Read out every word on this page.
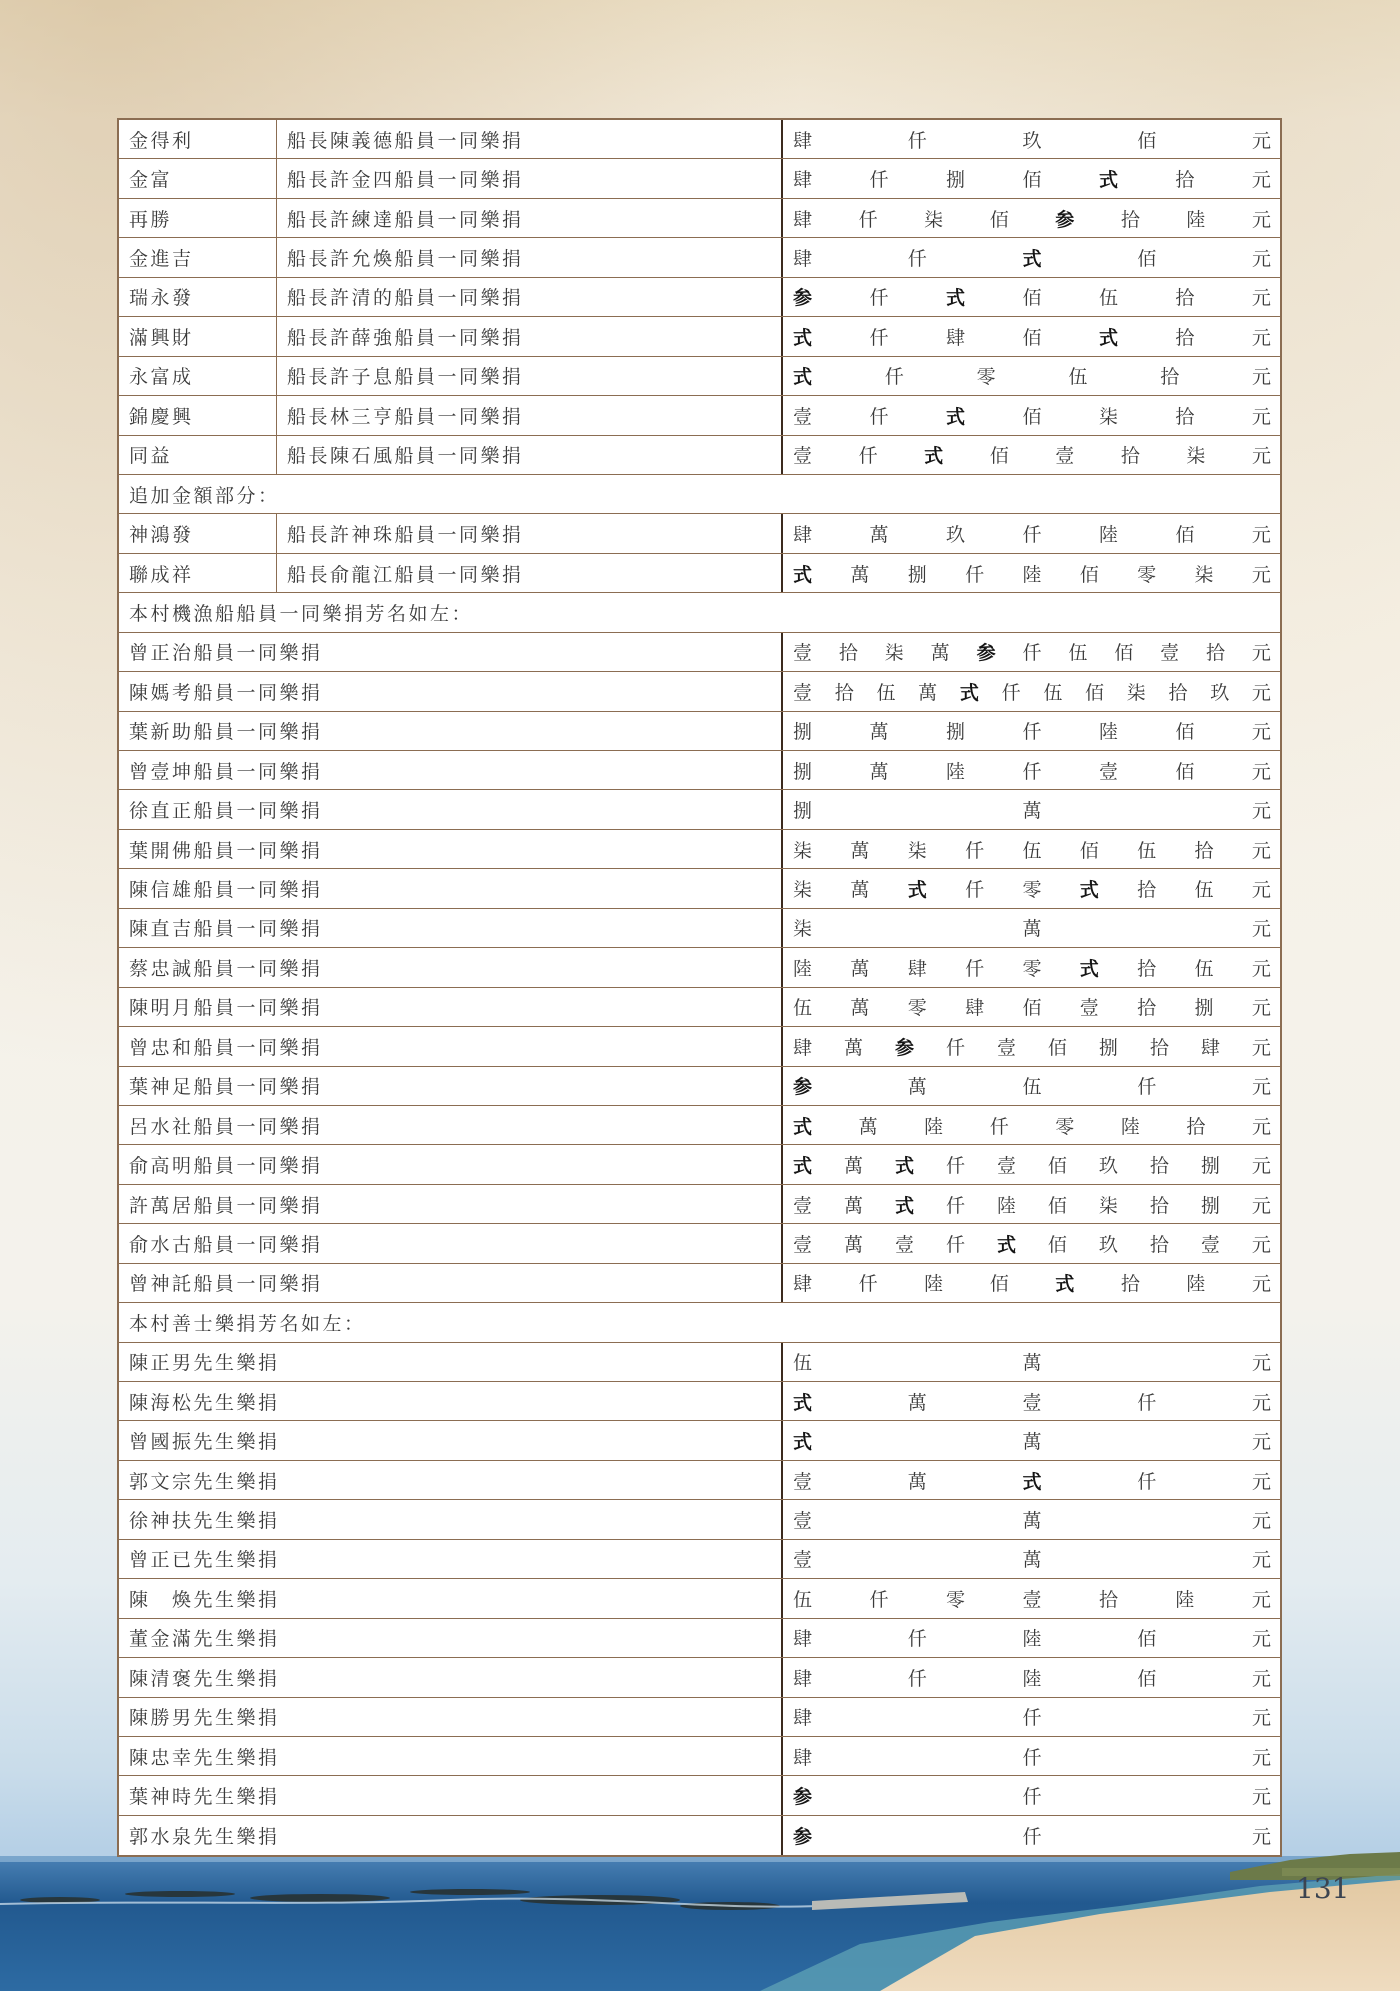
金得利	船長陳義德船員一同樂捐	肆	仟	玖	佰	元
金富	船長許金四船員一同樂捐	肆	仟	捌	佰	式	拾	元
再勝	船長許練達船員一同樂捐	肆 仟 柒 佰 参 拾 陸 元
金進吉	船長許允煥船員一同樂捐	肆	仟	式	佰	元
瑞永發	船長許清的船員一同樂捐	参	仟	式	佰	伍	拾	元
滿興財	船長許薛強船員一同樂捐	式	仟	肆	佰	式	拾	元
永富成	船長許子息船員一同樂捐	式	仟	零	伍	拾	元
錦慶興	船長林三亨船員一同樂捐	壹	仟	式	佰	柒	拾	元
同益	船長陳石風船員一同樂捐	壹 仟 式 佰 壹 拾 柒 元
追加金額部分：
神鴻發	船長許神珠船員一同樂捐	肆	萬	玖	仟	陸	佰	元
聯成祥	船長俞龍江船員一同樂捐	式 萬 捌 仟 陸 佰 零 柒 元
本村機漁船船員一同樂捐芳名如左：
曾正治船員一同樂捐	壹 拾 柒 萬 参 仟 伍 佰 壹 拾 元
陳媽考船員一同樂捐	壹 拾 伍 萬 式 仟 伍 佰 柒 拾 玖 元
葉新助船員一同樂捐	捌	萬	捌	仟	陸	佰	元
曾壹坤船員一同樂捐	捌	萬	陸	仟	壹	佰	元
徐直正船員一同樂捐	捌	萬	元
葉開佛船員一同樂捐	柒 萬 柒 仟 伍 佰 伍 拾 元
陳信雄船員一同樂捐	柒 萬 式 仟 零 式 拾 伍 元
陳直吉船員一同樂捐	柒	萬	元
蔡忠誠船員一同樂捐	陸 萬 肆 仟 零 式 拾 伍 元
陳明月船員一同樂捐	伍 萬 零 肆 佰 壹 拾 捌 元
曾忠和船員一同樂捐	肆 萬 参 仟 壹 佰 捌 拾 肆 元
葉神足船員一同樂捐	参	萬	伍	仟	元
呂水社船員一同樂捐	式 萬 陸 仟 零 陸 拾 元
俞高明船員一同樂捐	式 萬 式 仟 壹 佰 玖 拾 捌 元
許萬居船員一同樂捐	壹 萬 式 仟 陸 佰 柒 拾 捌 元
俞水古船員一同樂捐	壹 萬 壹 仟 式 佰 玖 拾 壹 元
曾神託船員一同樂捐	肆 仟 陸 佰 式 拾 陸 元
本村善士樂捐芳名如左：
陳正男先生樂捐	伍	萬	元
陳海松先生樂捐	式	萬	壹	仟	元
曾國振先生樂捐	式	萬	元
郭文宗先生樂捐	壹	萬	式	仟	元
徐神扶先生樂捐	壹	萬	元
曾正已先生樂捐	壹	萬	元
陳　煥先生樂捐	伍	仟	零	壹	拾	陸	元
董金滿先生樂捐	肆	仟	陸	佰	元
陳清褒先生樂捐	肆	仟	陸	佰	元
陳勝男先生樂捐	肆	仟	元
陳忠幸先生樂捐	肆	仟	元
葉神時先生樂捐	参	仟	元
郭水泉先生樂捐	参	仟	元
131
